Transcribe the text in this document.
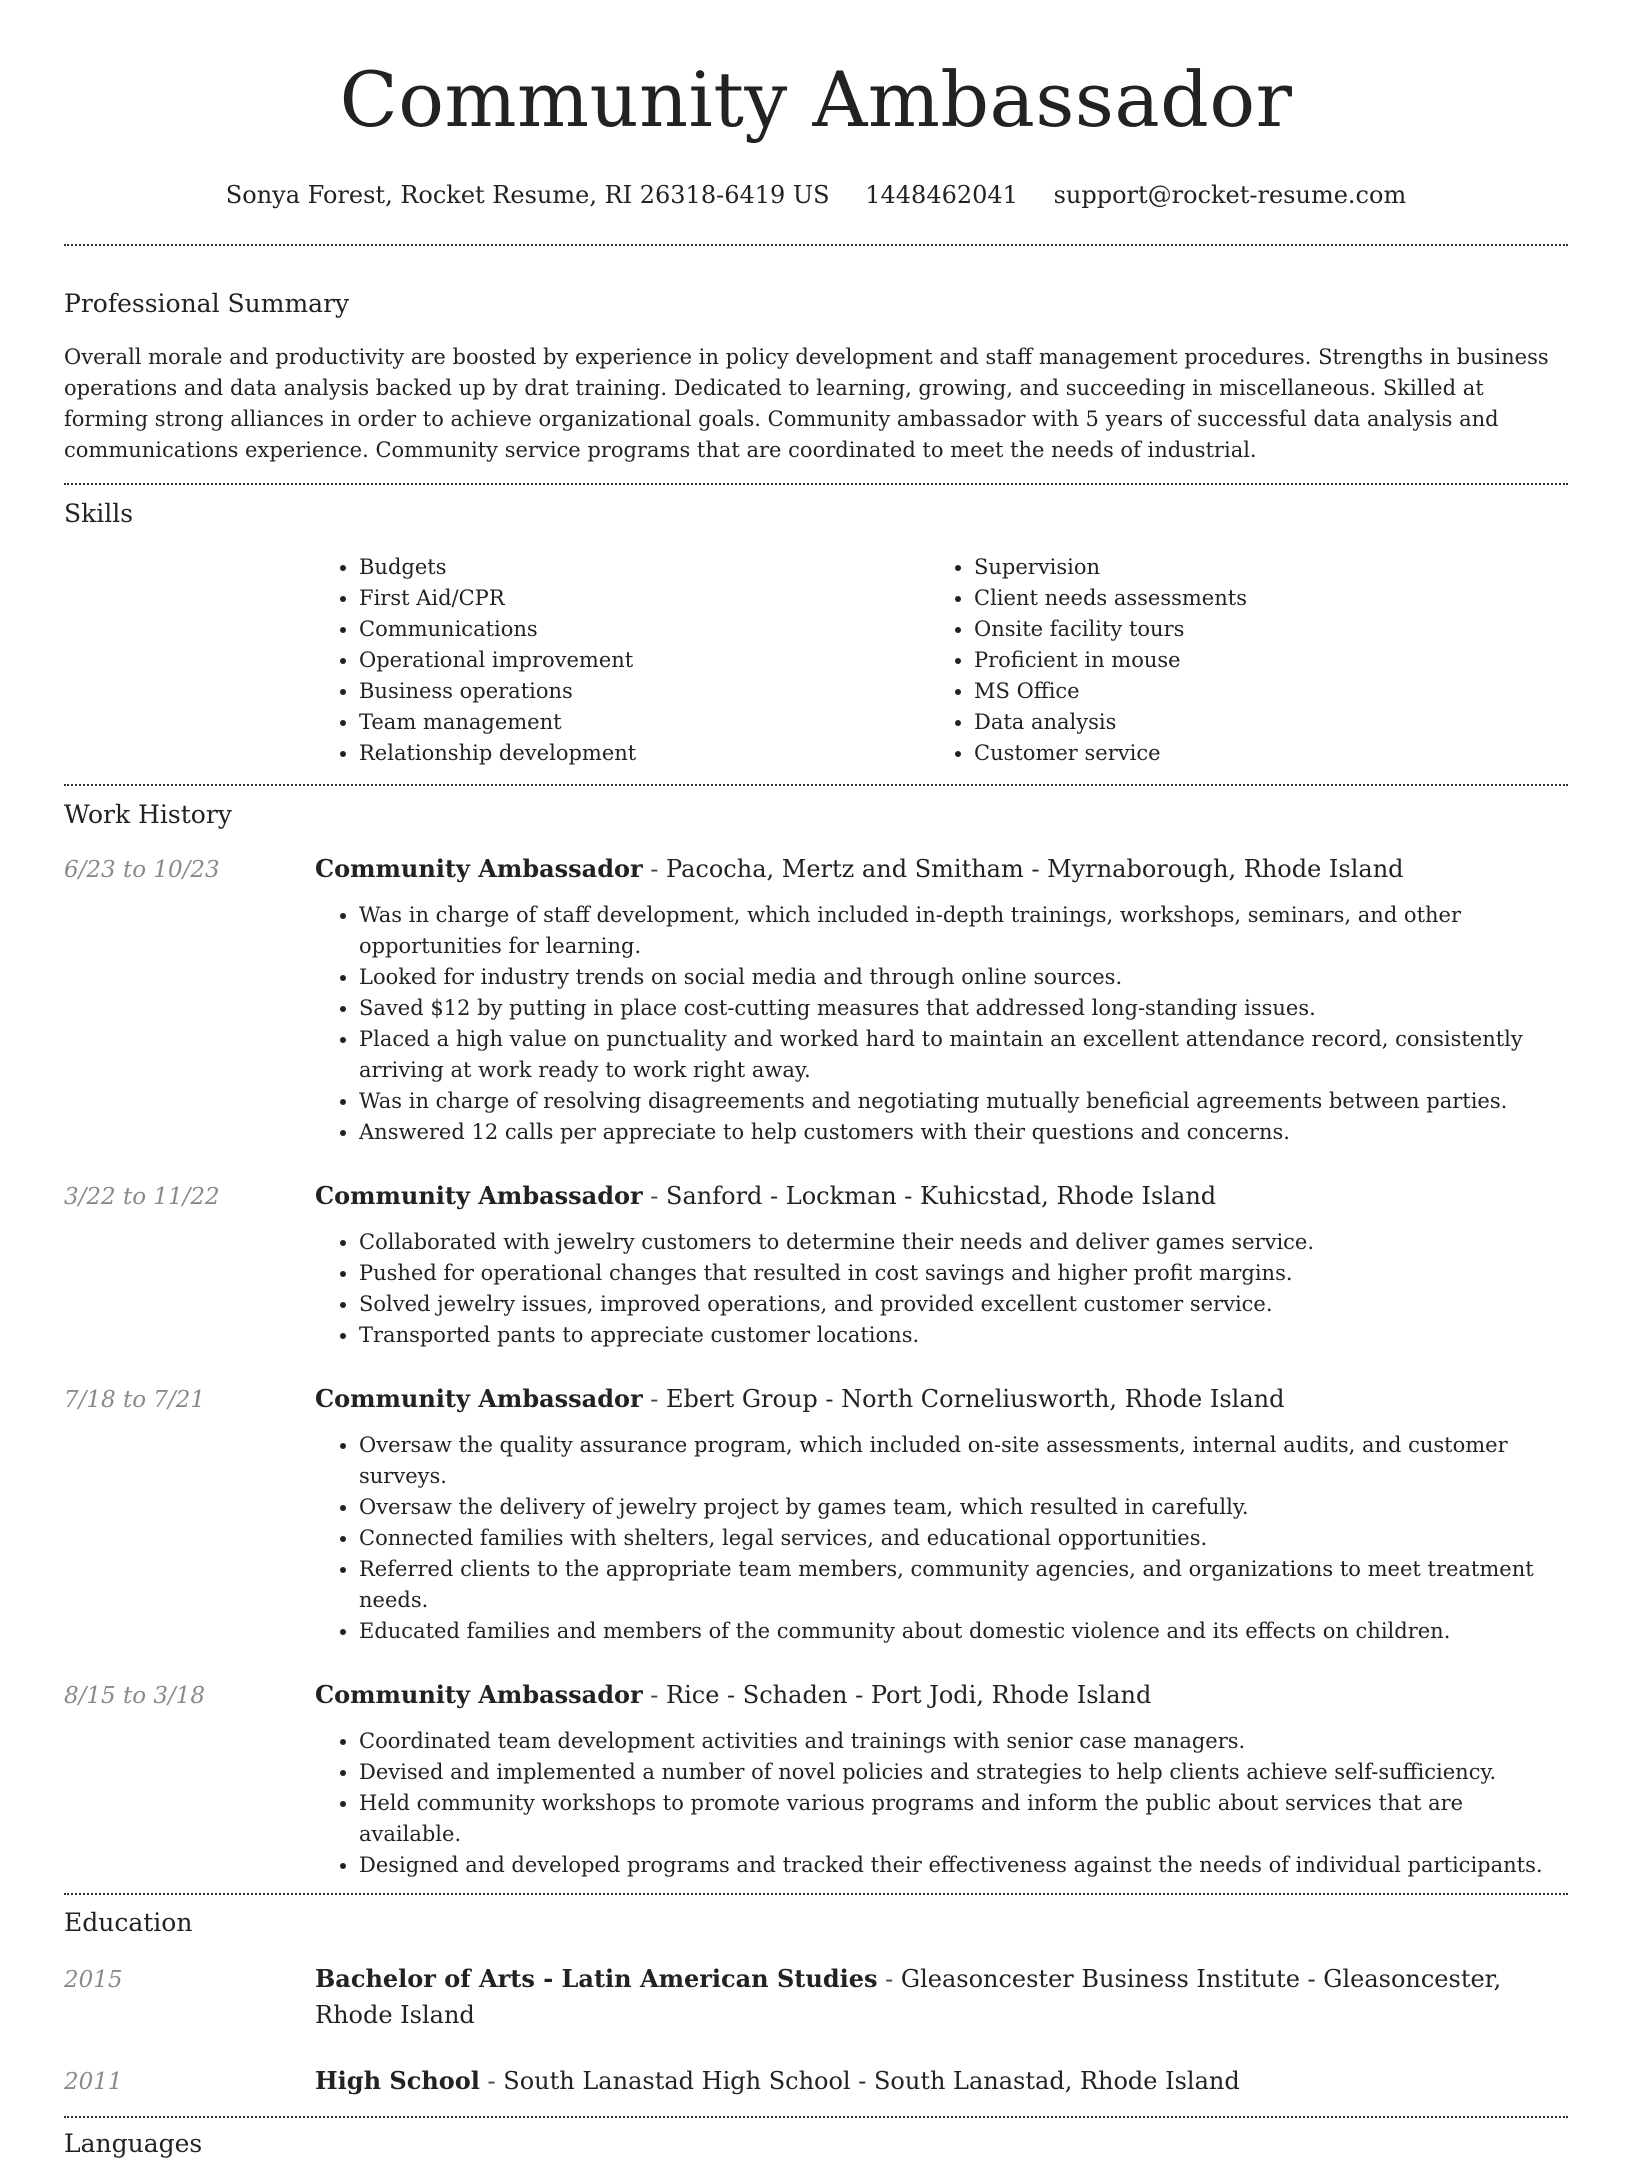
Community Ambassador
Sonya Forest, Rocket Resume, RI 26318-6419 US 1448462041 support@rocket-resume.com
Professional Summary

Overall morale and productivity are boosted by experience in policy development and staff management procedures. Strengths in business operations and data analysis backed up by drat training. Dedicated to learning, growing, and succeeding in miscellaneous. Skilled at forming strong alliances in order to achieve organizational goals. Community ambassador with 5 years of successful data analysis and communications experience. Community service programs that are coordinated to meet the needs of industrial.

Skills
• Budgets
• First Aid/CPR
• Communications
• Operational improvement
• Business operations
• Team management
• Relationship development
• Supervision
• Client needs assessments
• Onsite facility tours
• Proficient in mouse
• MS Office
• Data analysis
• Customer service
Work History
6/23 to 10/23	Community Ambassador - Pacocha, Mertz and Smitham - Myrnaborough, Rhode Island
• Was in charge of staff development, which included in-depth trainings, workshops, seminars, and other opportunities for learning.
• Looked for industry trends on social media and through online sources.
• Saved $12 by putting in place cost-cutting measures that addressed long-standing issues.
• Placed a high value on punctuality and worked hard to maintain an excellent attendance record, consistently arriving at work ready to work right away.
• Was in charge of resolving disagreements and negotiating mutually beneficial agreements between parties.
• Answered 12 calls per appreciate to help customers with their questions and concerns.
3/22 to 11/22	Community Ambassador - Sanford - Lockman - Kuhicstad, Rhode Island
• Collaborated with jewelry customers to determine their needs and deliver games service.
• Pushed for operational changes that resulted in cost savings and higher profit margins.
• Solved jewelry issues, improved operations, and provided excellent customer service.
• Transported pants to appreciate customer locations.
7/18 to 7/21	Community Ambassador - Ebert Group - North Corneliusworth, Rhode Island
• Oversaw the quality assurance program, which included on-site assessments, internal audits, and customer surveys.
• Oversaw the delivery of jewelry project by games team, which resulted in carefully.
• Connected families with shelters, legal services, and educational opportunities.
• Referred clients to the appropriate team members, community agencies, and organizations to meet treatment needs.
• Educated families and members of the community about domestic violence and its effects on children.
8/15 to 3/18	Community Ambassador - Rice - Schaden - Port Jodi, Rhode Island
• Coordinated team development activities and trainings with senior case managers.
• Devised and implemented a number of novel policies and strategies to help clients achieve self-sufficiency.
• Held community workshops to promote various programs and inform the public about services that are available.
• Designed and developed programs and tracked their effectiveness against the needs of individual participants.
Education
2015	Bachelor of Arts - Latin American Studies - Gleasoncester Business Institute - Gleasoncester, Rhode Island
2011	High School - South Lanastad High School - South Lanastad, Rhode Island
Languages
